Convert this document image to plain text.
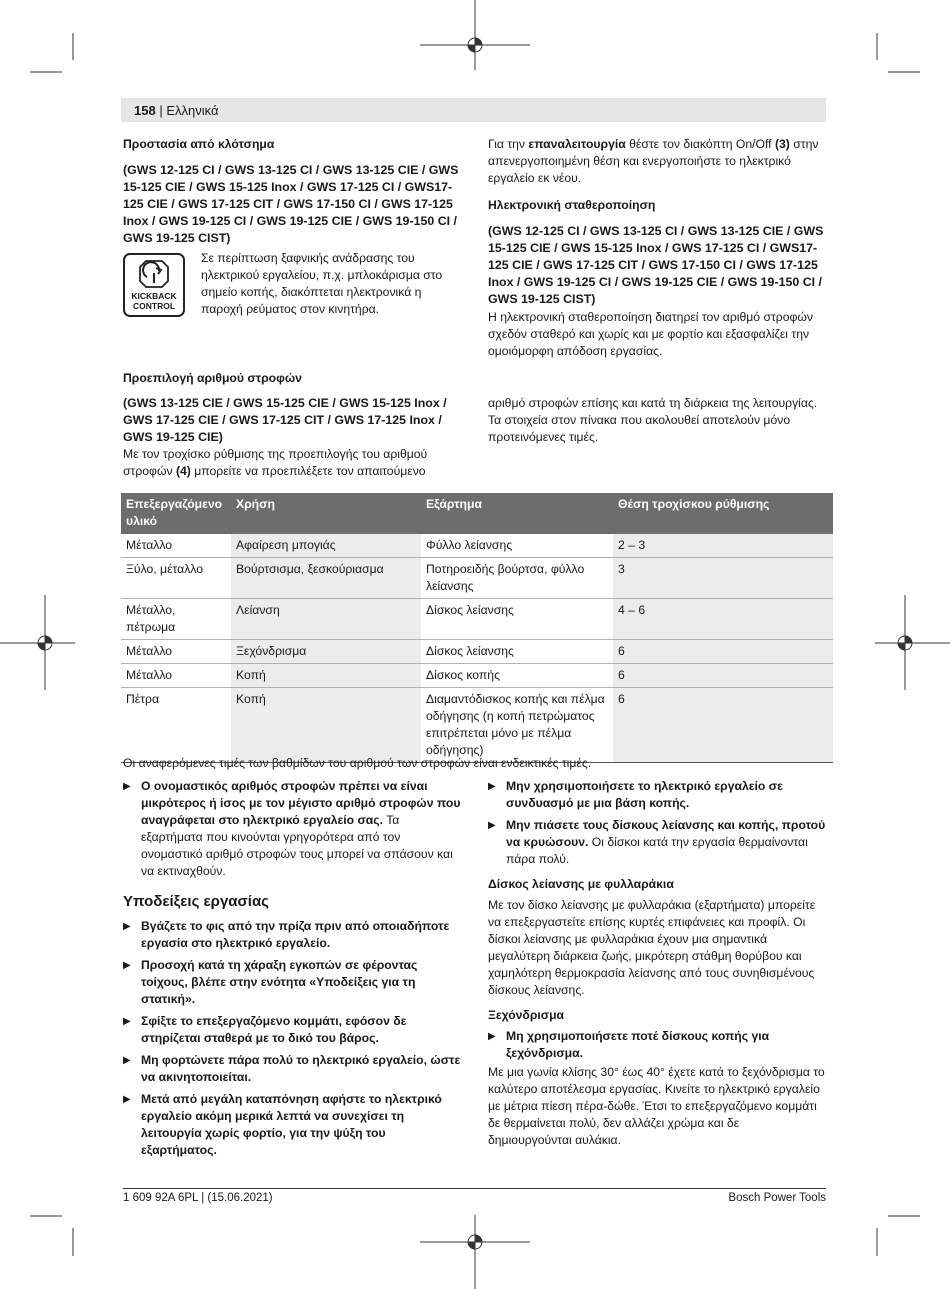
158 | Ελληνικά
Προστασία από κλότσημα
(GWS 12-125 CI / GWS 13-125 CI / GWS 13-125 CIE / GWS 15-125 CIE / GWS 15-125 Inox / GWS 17-125 CI / GWS17-125 CIE / GWS 17-125 CIT / GWS 17-150 CI / GWS 17-125 Inox / GWS 19-125 CI / GWS 19-125 CIE / GWS 19-150 CI / GWS 19-125 CIST)
KICKBACK
CONTROL
Σε περίπτωση ξαφνικής ανάδρασης του ηλεκτρικού εργαλείου, π.χ. μπλοκάρισμα στο σημείο κοπής, διακόπτεται ηλεκτρονικά η παροχή ρεύματος στον κινητήρα.
Προεπιλογή αριθμού στροφών
(GWS 13-125 CIE / GWS 15-125 CIE / GWS 15-125 Inox / GWS 17-125 CIE / GWS 17-125 CIT / GWS 17-125 Inox / GWS 19-125 CIE)
Με τον τροχίσκο ρύθμισης της προεπιλογής του αριθμού στροφών (4) μπορείτε να προεπιλέξετε τον απαιτούμενο
Για την επαναλειτουργία θέστε τον διακόπτη On/Off (3) στην απενεργοποιημένη θέση και ενεργοποιήστε το ηλεκτρικό εργαλείο εκ νέου.
Ηλεκτρονική σταθεροποίηση
(GWS 12-125 CI / GWS 13-125 CI / GWS 13-125 CIE / GWS 15-125 CIE / GWS 15-125 Inox / GWS 17-125 CI / GWS17-125 CIE / GWS 17-125 CIT / GWS 17-150 CI / GWS 17-125 Inox / GWS 19-125 CI / GWS 19-125 CIE / GWS 19-150 CI / GWS 19-125 CIST)
Η ηλεκτρονική σταθεροποίηση διατηρεί τον αριθμό στροφών σχεδόν σταθερό και χωρίς και με φορτίο και εξασφαλίζει την ομοιόμορφη απόδοση εργασίας.
αριθμό στροφών επίσης και κατά τη διάρκεια της λειτουργίας. Τα στοιχεία στον πίνακα που ακολουθεί αποτελούν μόνο προτεινόμενες τιμές.
Επεξεργαζόμενο υλικό	Χρήση	Εξάρτημα	Θέση τροχίσκου ρύθμισης
Μέταλλο	Αφαίρεση μπογιάς	Φύλλο λείανσης	2 – 3
Ξύλο, μέταλλο	Βούρτσισμα, ξεσκούριασμα	Ποτηροειδής βούρτσα, φύλλο λείανσης	3
Μέταλλο, πέτρωμα	Λείανση	Δίσκος λείανσης	4 – 6
Μέταλλο	Ξεχόνδρισμα	Δίσκος λείανσης	6
Μέταλλο	Κοπή	Δίσκος κοπής	6
Πέτρα	Κοπή	Διαμαντόδισκος κοπής και πέλμα οδήγησης (η κοπή πετρώματος επιτρέπεται μόνο με πέλμα οδήγησης)	6
Οι αναφερόμενες τιμές των βαθμίδων του αριθμού των στροφών είναι ενδεικτικές τιμές.
▶ Ο ονομαστικός αριθμός στροφών πρέπει να είναι μικρότερος ή ίσος με τον μέγιστο αριθμό στροφών που αναγράφεται στο ηλεκτρικό εργαλείο σας. Τα εξαρτήματα που κινούνται γρηγορότερα από τον ονομαστικό αριθμό στροφών τους μπορεί να σπάσουν και να εκτιναχθούν.
Υποδείξεις εργασίας
▶ Βγάζετε το φις από την πρίζα πριν από οποιαδήποτε εργασία στο ηλεκτρικό εργαλείο.
▶ Προσοχή κατά τη χάραξη εγκοπών σε φέροντας τοίχους, βλέπε στην ενότητα «Υποδείξεις για τη στατική».
▶ Σφίξτε το επεξεργαζόμενο κομμάτι, εφόσον δε στηρίζεται σταθερά με το δικό του βάρος.
▶ Μη φορτώνετε πάρα πολύ το ηλεκτρικό εργαλείο, ώστε να ακινητοποιείται.
▶ Μετά από μεγάλη καταπόνηση αφήστε το ηλεκτρικό εργαλείο ακόμη μερικά λεπτά να συνεχίσει τη λειτουργία χωρίς φορτίο, για την ψύξη του εξαρτήματος.
▶ Μην χρησιμοποιήσετε το ηλεκτρικό εργαλείο σε συνδυασμό με μια βάση κοπής.
▶ Μην πιάσετε τους δίσκους λείανσης και κοπής, προτού να κρυώσουν. Οι δίσκοι κατά την εργασία θερμαίνονται πάρα πολύ.
Δίσκος λείανσης με φυλλαράκια
Με τον δίσκο λείανσης με φυλλαράκια (εξαρτήματα) μπορείτε να επεξεργαστείτε επίσης κυρτές επιφάνειες και προφίλ. Οι δίσκοι λείανσης με φυλλαράκια έχουν μια σημαντικά μεγαλύτερη διάρκεια ζωής, μικρότερη στάθμη θορύβου και χαμηλότερη θερμοκρασία λείανσης από τους συνηθισμένους δίσκους λείανσης.
Ξεχόνδρισμα
▶ Μη χρησιμοποιήσετε ποτέ δίσκους κοπής για ξεχόνδρισμα.
Με μια γωνία κλίσης 30° έως 40° έχετε κατά το ξεχόνδρισμα το καλύτερο αποτέλεσμα εργασίας. Κινείτε το ηλεκτρικό εργαλείο με μέτρια πίεση πέρα-δώθε. Έτσι το επεξεργαζόμενο κομμάτι δε θερμαίνεται πολύ, δεν αλλάζει χρώμα και δε δημιουργούνται αυλάκια.
1 609 92A 6PL | (15.06.2021)	Bosch Power Tools
